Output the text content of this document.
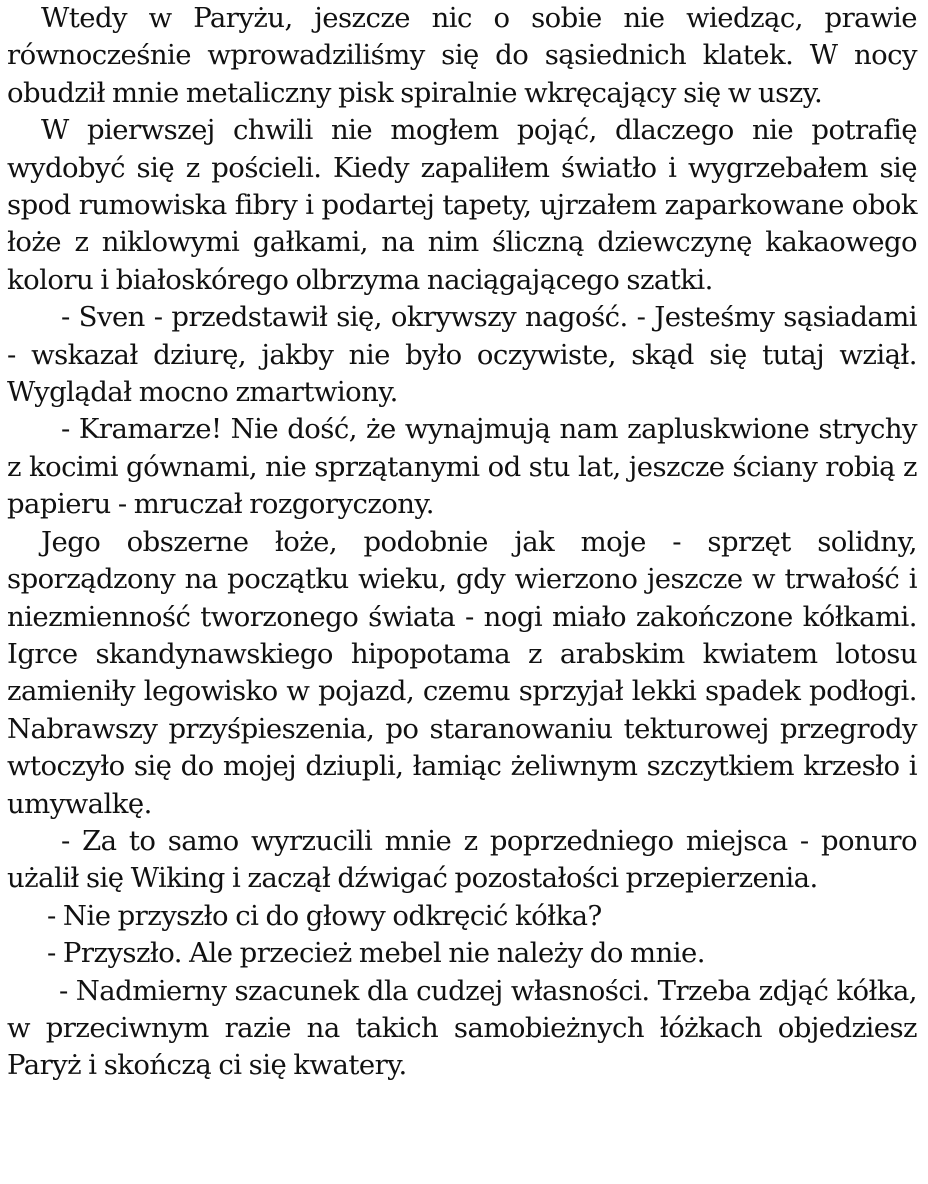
Wtedy w Paryżu, jeszcze nic o sobie nie wiedząc, prawie równocześnie wprowadziliśmy się do sąsiednich klatek. W nocy obudził mnie metaliczny pisk spiralnie wkręcający się w uszy.

W pierwszej chwili nie mogłem pojąć, dlaczego nie potrafię wydobyć się z pościeli. Kiedy zapaliłem światło i wygrzebałem się spod rumowiska fibry i podartej tapety, ujrzałem zaparkowane obok łoże z niklowymi gałkami, na nim śliczną dziewczynę kakaowego koloru i białoskórego olbrzyma naciągającego szatki.

- Sven - przedstawił się, okrywszy nagość. - Jesteśmy sąsiadami - wskazał dziurę, jakby nie było oczywiste, skąd się tutaj wziął. Wyglądał mocno zmartwiony.

- Kramarze! Nie dość, że wynajmują nam zapluskwione strychy z kocimi gównami, nie sprzątanymi od stu lat, jeszcze ściany robią z papieru - mruczał rozgoryczony.

Jego obszerne łoże, podobnie jak moje - sprzęt solidny, sporządzony na początku wieku, gdy wierzono jeszcze w trwałość i niezmienność tworzonego świata - nogi miało zakończone kółkami. Igrce skandynawskiego hipopotama z arabskim kwiatem lotosu zamieniły legowisko w pojazd, czemu sprzyjał lekki spadek podłogi. Nabrawszy przyśpieszenia, po staranowaniu tekturowej przegrody wtoczyło się do mojej dziupli, łamiąc żeliwnym szczytkiem krzesło i umywalkę.

- Za to samo wyrzucili mnie z poprzedniego miejsca - ponuro użalił się Wiking i zaczął dźwigać pozostałości przepierzenia.

- Nie przyszło ci do głowy odkręcić kółka?

- Przyszło. Ale przecież mebel nie należy do mnie.

- Nadmierny szacunek dla cudzej własności. Trzeba zdjąć kółka, w przeciwnym razie na takich samobieżnych łóżkach objedziesz Paryż i skończą ci się kwatery.
